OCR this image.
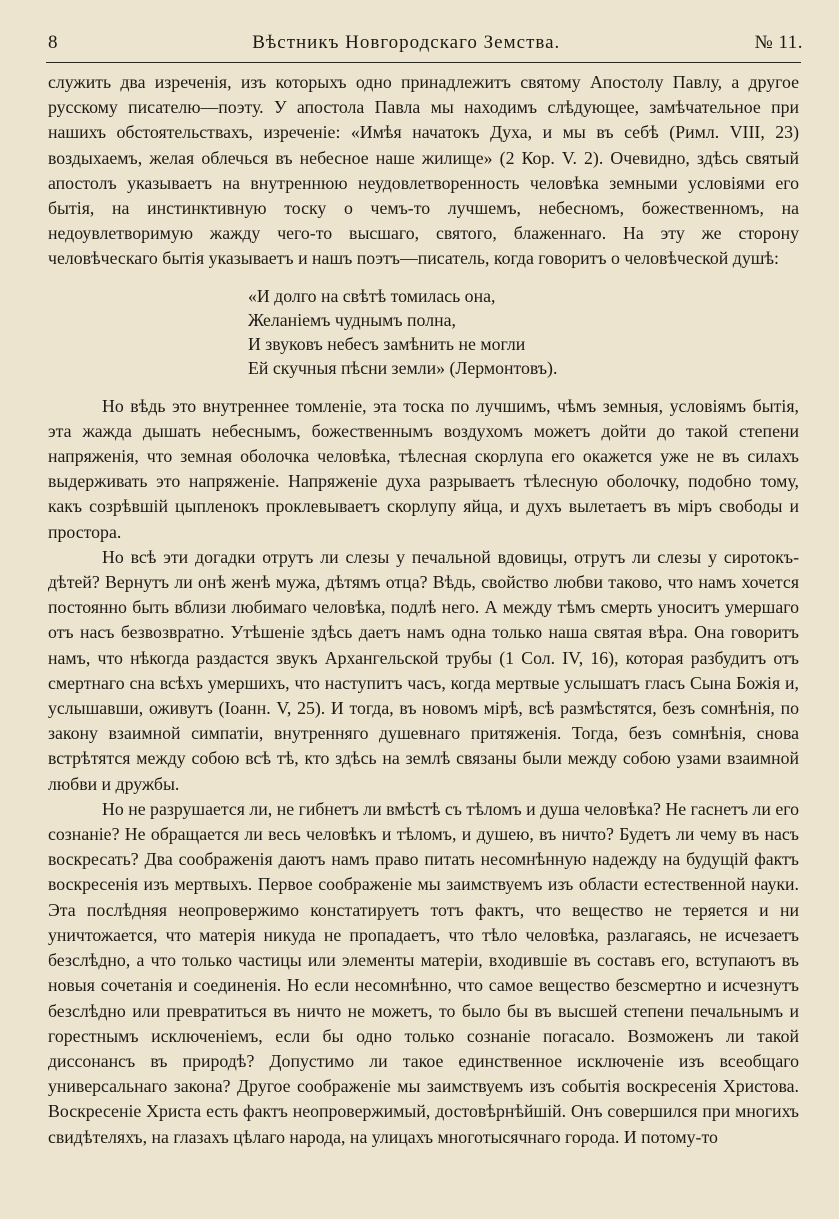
8	Вѣстникъ Новгородскаго Земства.	№ 11.

служить два изреченія, изъ которыхъ одно принадлежитъ святому Апостолу Павлу, а другое русскому писателю—поэту. У апостола Павла мы находимъ слѣдующее, замѣчательное при нашихъ обстоятельствахъ, изреченіе: «Имѣя начатокъ Духа, и мы въ себѣ (Римл. VIII, 23) воздыхаемъ, желая облечься въ небесное наше жилище» (2 Кор. V. 2). Очевидно, здѣсь святый апостолъ указываетъ на внутреннюю неудовлетворенность человѣка земными условіями его бытія, на инстинктивную тоску о чемъ-то лучшемъ, небесномъ, божественномъ, на недоувлетворимую жажду чего-то высшаго, святого, блаженнаго. На эту же сторону человѣческаго бытія указываетъ и нашъ поэтъ—писатель, когда говоритъ о человѣческой душѣ:

«И долго на свѣтѣ томилась она,
Желаніемъ чуднымъ полна,
И звуковъ небесъ замѣнить не могли
Ей скучныя пѣсни земли» (Лермонтовъ).

Но вѣдь это внутреннее томленіе, эта тоска по лучшимъ, чѣмъ земныя, условіямъ бытія, эта жажда дышать небеснымъ, божественнымъ воздухомъ можетъ дойти до такой степени напряженія, что земная оболочка человѣка, тѣлесная скорлупа его окажется уже не въ силахъ выдерживать это напряженіе. Напряженіе духа разрываетъ тѣлесную оболочку, подобно тому, какъ созрѣвшій цыпленокъ проклевываетъ скорлупу яйца, и духъ вылетаетъ въ міръ свободы и простора.

Но всѣ эти догадки отрутъ ли слезы у печальной вдовицы, отрутъ ли слезы у сиротокъ-дѣтей? Вернутъ ли онѣ женѣ мужа, дѣтямъ отца? Вѣдь, свойство любви таково, что намъ хочется постоянно быть вблизи любимаго человѣка, подлѣ него. А между тѣмъ смерть уноситъ умершаго отъ насъ безвозвратно. Утѣшеніе здѣсь даетъ намъ одна только наша святая вѣра. Она говоритъ намъ, что нѣкогда раздастся звукъ Архангельской трубы (1 Сол. IV, 16), которая разбудитъ отъ смертнаго сна всѣхъ умершихъ, что наступитъ часъ, когда мертвые услышатъ гласъ Сына Божія и, услышавши, оживутъ (Іоанн. V, 25). И тогда, въ новомъ мірѣ, всѣ размѣстятся, безъ сомнѣнія, по закону взаимной симпатіи, внутренняго душевнаго притяженія. Тогда, безъ сомнѣнія, снова встрѣтятся между собою всѣ тѣ, кто здѣсь на землѣ связаны были между собою узами взаимной любви и дружбы.

Но не разрушается ли, не гибнетъ ли вмѣстѣ съ тѣломъ и душа человѣка? Не гаснетъ ли его сознаніе? Не обращается ли весь человѣкъ и тѣломъ, и душею, въ ничто? Будетъ ли чему въ насъ воскресать? Два соображенія даютъ намъ право питать несомнѣнную надежду на будущій фактъ воскресенія изъ мертвыхъ. Первое соображеніе мы заимствуемъ изъ области естественной науки. Эта послѣдняя неопровержимо констатируетъ тотъ фактъ, что вещество не теряется и ни уничтожается, что матерія никуда не пропадаетъ, что тѣло человѣка, разлагаясь, не исчезаетъ безслѣдно, а что только частицы или элементы матеріи, входившіе въ составъ его, вступаютъ въ новыя сочетанія и соединенія. Но если несомнѣнно, что самое вещество безсмертно и исчезнутъ безслѣдно или превратиться въ ничто не можетъ, то было бы въ высшей степени печальнымъ и горестнымъ исключеніемъ, если бы одно только сознаніе погасало. Возможенъ ли такой диссонансъ въ природѣ? Допустимо ли такое единственное исключеніе изъ всеобщаго универсальнаго закона? Другое соображеніе мы заимствуемъ изъ событія воскресенія Христова. Воскресеніе Христа есть фактъ неопровержимый, достовѣрнѣйшій. Онъ совершился при многихъ свидѣтеляхъ, на глазахъ цѣлаго народа, на улицахъ многотысячнаго города. И потому-то
